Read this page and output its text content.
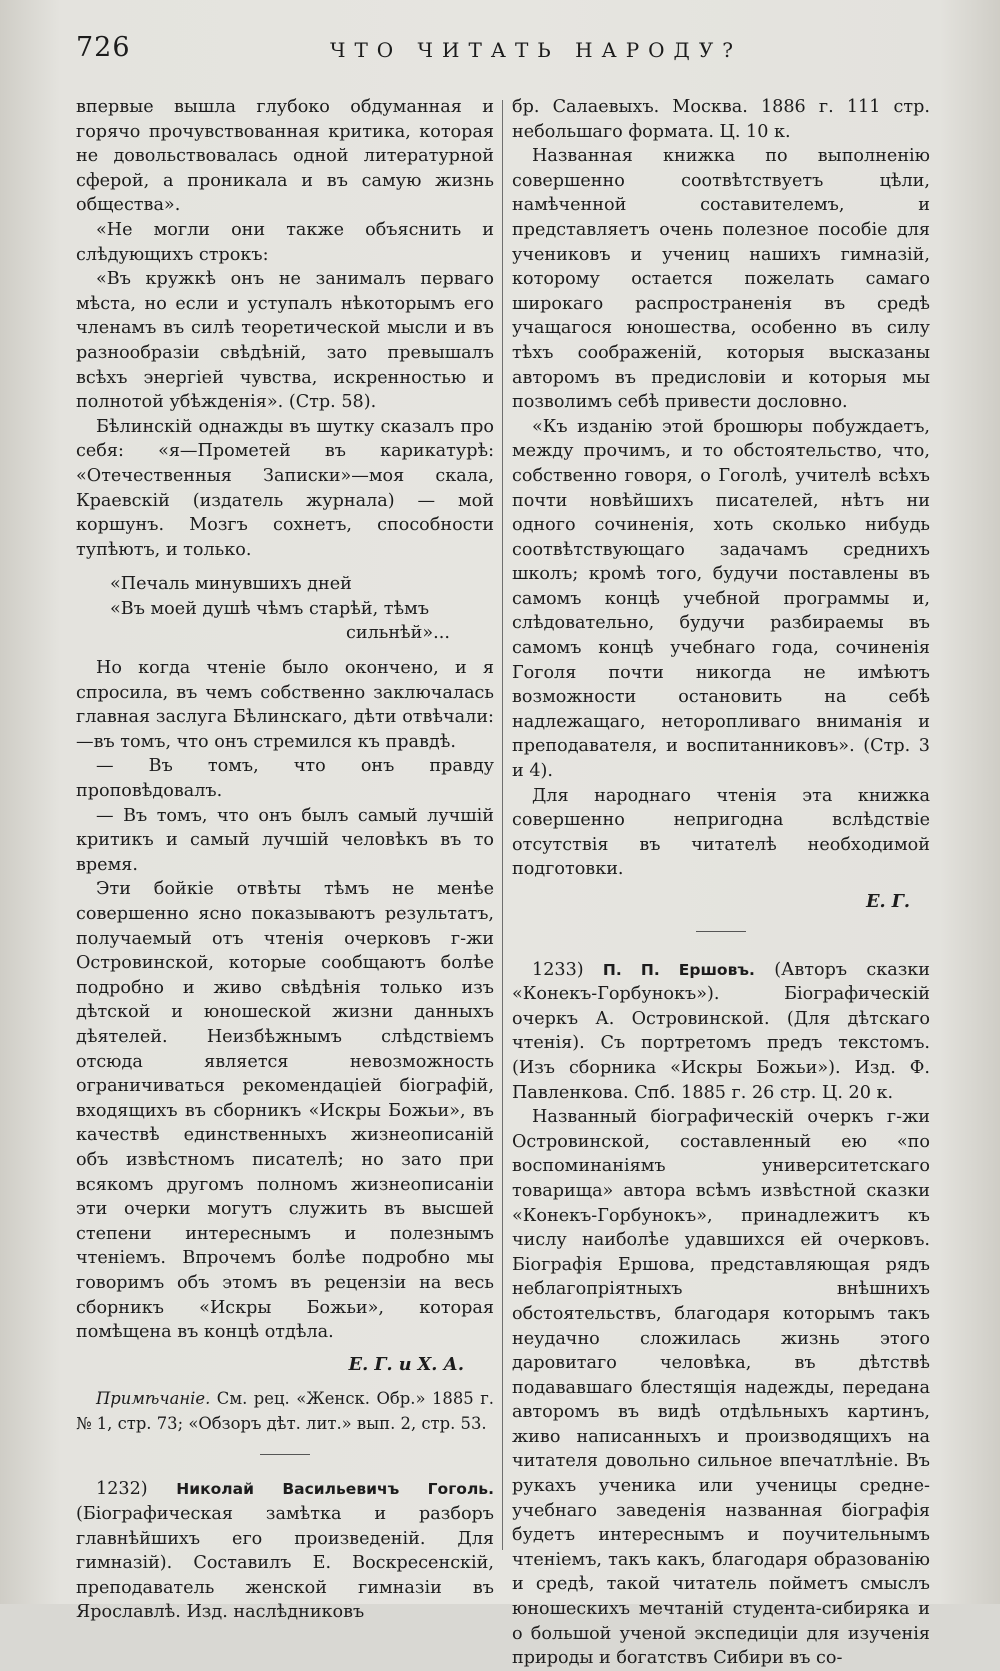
726	ЧТО ЧИТАТЬ НАРОДУ?

впервые вышла глубоко обдуманная и горячо прочувствованная критика, которая не довольствовалась одной литературной сферой, а проникала и въ самую жизнь общества».

«Не могли они также объяснить и слѣдующихъ строкъ:

«Въ кружкѣ онъ не занималъ перваго мѣста, но если и уступалъ нѣкоторымъ его членамъ въ силѣ теоретической мысли и въ разнообразіи свѣдѣній, зато превышалъ всѣхъ энергіей чувства, искренностью и полнотой убѣжденія». (Стр. 58).

Бѣлинскій однажды въ шутку сказалъ про себя: «я—Прометей въ карикатурѣ: «Отечественныя Записки»—моя скала, Краевскій (издатель журнала) — мой коршунъ. Мозгъ сохнетъ, способности тупѣютъ, и только.

«Печаль минувшихъ дней
«Въ моей душѣ чѣмъ старѣй, тѣмъ
сильнѣй»...

Но когда чтеніе было окончено, и я спросила, въ чемъ собственно заключалась главная заслуга Бѣлинскаго, дѣти отвѣчали:—въ томъ, что онъ стремился къ правдѣ.

— Въ томъ, что онъ правду проповѣдовалъ.

— Въ томъ, что онъ былъ самый лучшій критикъ и самый лучшій человѣкъ въ то время.

Эти бойкіе отвѣты тѣмъ не менѣе совершенно ясно показываютъ результатъ, получаемый отъ чтенія очерковъ г-жи Островинской, которые сообщаютъ болѣе подробно и живо свѣдѣнія только изъ дѣтской и юношеской жизни данныхъ дѣятелей. Неизбѣжнымъ слѣдствіемъ отсюда является невозможность ограничиваться рекомендаціей біографій, входящихъ въ сборникъ «Искры Божьи», въ качествѣ единственныхъ жизнеописаній объ извѣстномъ писателѣ; но зато при всякомъ другомъ полномъ жизнеописаніи эти очерки могутъ служить въ высшей степени интереснымъ и полезнымъ чтеніемъ. Впрочемъ болѣе подробно мы говоримъ объ этомъ въ рецензіи на весь сборникъ «Искры Божьи», которая помѣщена въ концѣ отдѣла.

Е. Г. и Х. А.

Примѣчаніе. См. рец. «Женск. Обр.» 1885 г. № 1, стр. 73; «Обзоръ дѣт. лит.» вып. 2, стр. 53.

1232) Николай Васильевичъ Гоголь. (Біографическая замѣтка и разборъ главнѣйшихъ его произведеній. Для гимназій). Составилъ Е. Воскресенскій, преподаватель женской гимназіи въ Ярославлѣ. Изд. наслѣдниковъ

бр. Салаевыхъ. Москва. 1886 г. 111 стр. небольшаго формата. Ц. 10 к.

Названная книжка по выполненію совершенно соотвѣтствуетъ цѣли, намѣченной составителемъ, и представляетъ очень полезное пособіе для учениковъ и учениц нашихъ гимназій, которому остается пожелать самаго широкаго распространенія въ средѣ учащагося юношества, особенно въ силу тѣхъ соображеній, которыя высказаны авторомъ въ предисловіи и которыя мы позволимъ себѣ привести дословно.

«Къ изданію этой брошюры побуждаетъ, между прочимъ, и то обстоятельство, что, собственно говоря, о Гоголѣ, учителѣ всѣхъ почти новѣйшихъ писателей, нѣтъ ни одного сочиненія, хоть сколько нибудь соотвѣтствующаго задачамъ среднихъ школъ; кромѣ того, будучи поставлены въ самомъ концѣ учебной программы и, слѣдовательно, будучи разбираемы въ самомъ концѣ учебнаго года, сочиненія Гоголя почти никогда не имѣютъ возможности остановить на себѣ надлежащаго, неторопливаго вниманія и преподавателя, и воспитанниковъ». (Стр. 3 и 4).

Для народнаго чтенія эта книжка совершенно непригодна вслѣдствіе отсутствія въ читателѣ необходимой подготовки.

Е. Г.

1233) П. П. Ершовъ. (Авторъ сказки «Конекъ-Горбунокъ»). Біографическій очеркъ А. Островинской. (Для дѣтскаго чтенія). Съ портретомъ предъ текстомъ. (Изъ сборника «Искры Божьи»). Изд. Ф. Павленкова. Спб. 1885 г. 26 стр. Ц. 20 к.

Названный біографическій очеркъ г-жи Островинской, составленный ею «по воспоминаніямъ университетскаго товарища» автора всѣмъ извѣстной сказки «Конекъ-Горбунокъ», принадлежитъ къ числу наиболѣе удавшихся ей очерковъ. Біографія Ершова, представляющая рядъ неблагопріятныхъ внѣшнихъ обстоятельствъ, благодаря которымъ такъ неудачно сложилась жизнь этого даровитаго человѣка, въ дѣтствѣ подававшаго блестящія надежды, передана авторомъ въ видѣ отдѣльныхъ картинъ, живо написанныхъ и производящихъ на читателя довольно сильное впечатлѣніе. Въ рукахъ ученика или ученицы средне-учебнаго заведенія названная біографія будетъ интереснымъ и поучительнымъ чтеніемъ, такъ какъ, благодаря образованію и средѣ, такой читатель пойметъ смыслъ юношескихъ мечтаній студента-сибиряка и о большой ученой экспедиціи для изученія природы и богатствъ Сибири въ со-
